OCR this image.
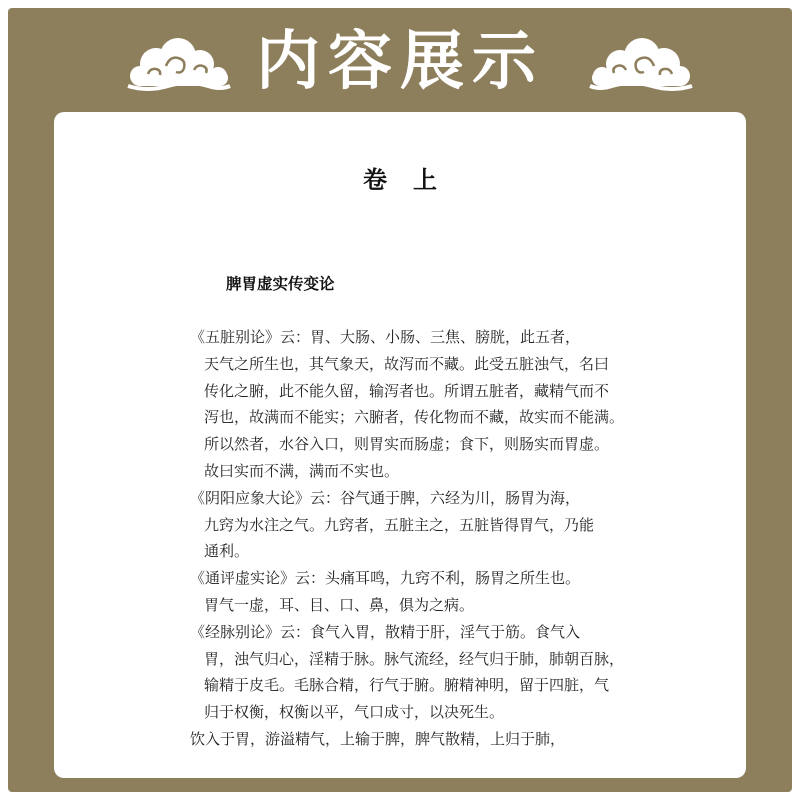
内容展示
卷上
脾胃虚实传变论
《五脏别论》云：胃、大肠、小肠、三焦、膀胱，此五者，
天气之所生也，其气象天，故泻而不藏。此受五脏浊气，名曰
传化之腑，此不能久留，输泻者也。所谓五脏者，藏精气而不
泻也，故满而不能实；六腑者，传化物而不藏，故实而不能满。
所以然者，水谷入口，则胃实而肠虚；食下，则肠实而胃虚。
故曰实而不满，满而不实也。
《阴阳应象大论》云：谷气通于脾，六经为川，肠胃为海，
九窍为水注之气。九窍者，五脏主之，五脏皆得胃气，乃能
通利。
《通评虚实论》云：头痛耳鸣，九窍不利，肠胃之所生也。
胃气一虚，耳、目、口、鼻，俱为之病。
《经脉别论》云：食气入胃，散精于肝，淫气于筋。食气入
胃，浊气归心，淫精于脉。脉气流经，经气归于肺，肺朝百脉，
输精于皮毛。毛脉合精，行气于腑。腑精神明，留于四脏，气
归于权衡，权衡以平，气口成寸，以决死生。
饮入于胃，游溢精气，上输于脾，脾气散精，上归于肺，
